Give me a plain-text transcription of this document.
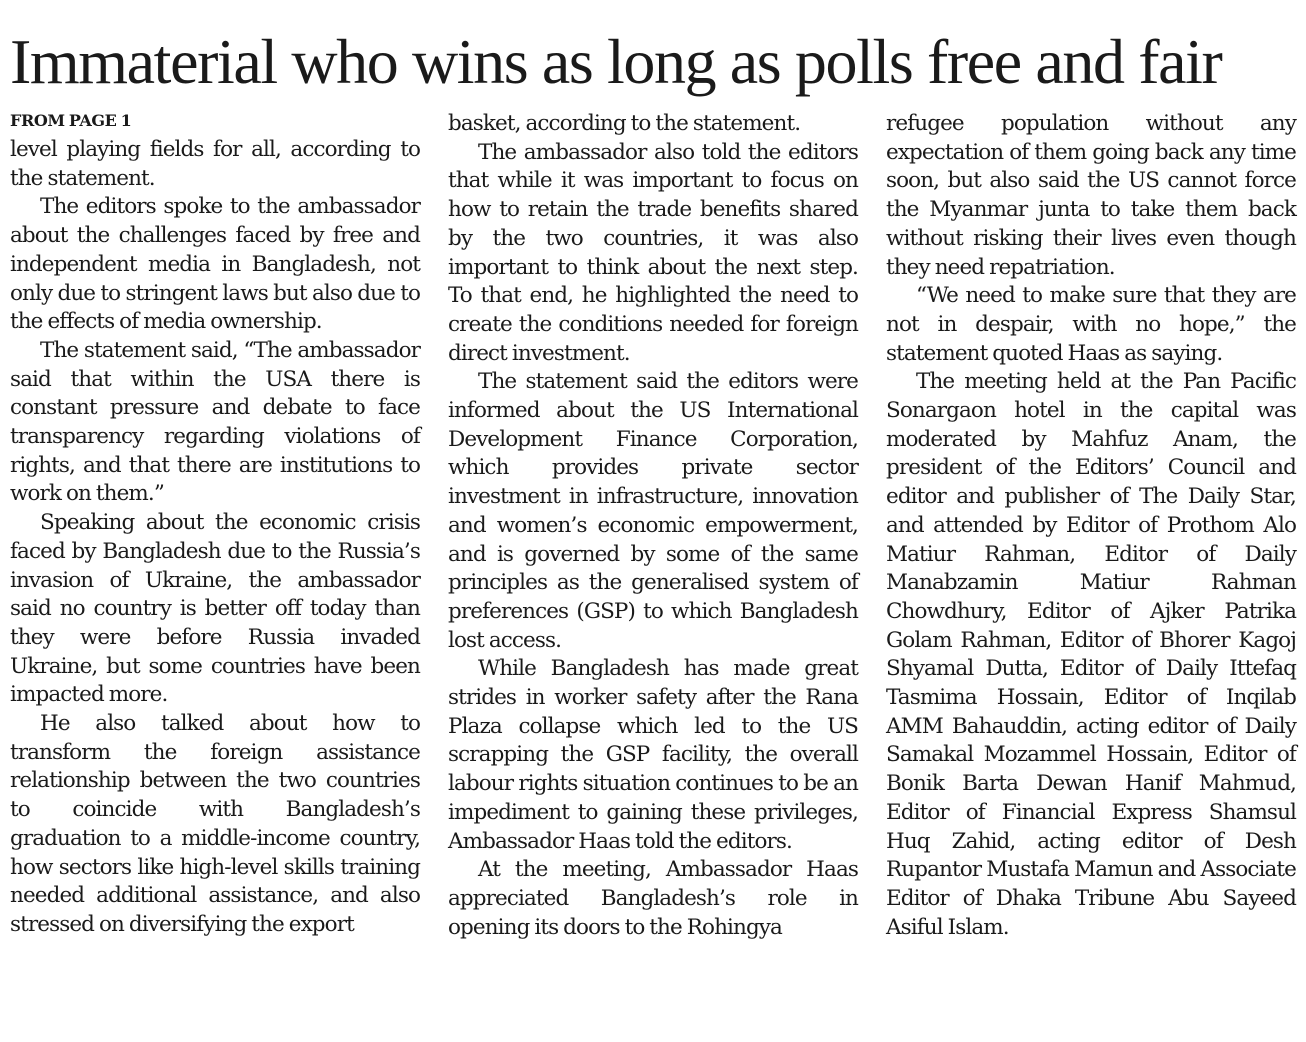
Immaterial who wins as long as polls free and fair
FROM PAGE 1

level playing fields for all, according to the statement.

The editors spoke to the ambassador about the challenges faced by free and independent media in Bangladesh, not only due to stringent laws but also due to the effects of media ownership.

The statement said, “The ambassador said that within the USA there is constant pressure and debate to face transparency regarding violations of rights, and that there are institutions to work on them.”

Speaking about the economic crisis faced by Bangladesh due to the Russia’s invasion of Ukraine, the ambassador said no country is better off today than they were before Russia invaded Ukraine, but some countries have been impacted more.

He also talked about how to transform the foreign assistance relationship between the two countries to coincide with Bangladesh’s graduation to a middle-income country, how sectors like high-level skills training needed additional assistance, and also stressed on diversifying the export

basket, according to the statement.

The ambassador also told the editors that while it was important to focus on how to retain the trade benefits shared by the two countries, it was also important to think about the next step. To that end, he highlighted the need to create the conditions needed for foreign direct investment.

The statement said the editors were informed about the US International Development Finance Corporation, which provides private sector investment in infrastructure, innovation and women’s economic empowerment, and is governed by some of the same principles as the generalised system of preferences (GSP) to which Bangladesh lost access.

While Bangladesh has made great strides in worker safety after the Rana Plaza collapse which led to the US scrapping the GSP facility, the overall labour rights situation continues to be an impediment to gaining these privileges, Ambassador Haas told the editors.

At the meeting, Ambassador Haas appreciated Bangladesh’s role in opening its doors to the Rohingya

refugee population without any expectation of them going back any time soon, but also said the US cannot force the Myanmar junta to take them back without risking their lives even though they need repatriation.

“We need to make sure that they are not in despair, with no hope,” the statement quoted Haas as saying.

The meeting held at the Pan Pacific Sonargaon hotel in the capital was moderated by Mahfuz Anam, the president of the Editors’ Council and editor and publisher of The Daily Star, and attended by Editor of Prothom Alo Matiur Rahman, Editor of Daily Manabzamin Matiur Rahman Chowdhury, Editor of Ajker Patrika Golam Rahman, Editor of Bhorer Kagoj Shyamal Dutta, Editor of Daily Ittefaq Tasmima Hossain, Editor of Inqilab AMM Bahauddin, acting editor of Daily Samakal Mozammel Hossain, Editor of Bonik Barta Dewan Hanif Mahmud, Editor of Financial Express Shamsul Huq Zahid, acting editor of Desh Rupantor Mustafa Mamun and Associate Editor of Dhaka Tribune Abu Sayeed Asiful Islam.
